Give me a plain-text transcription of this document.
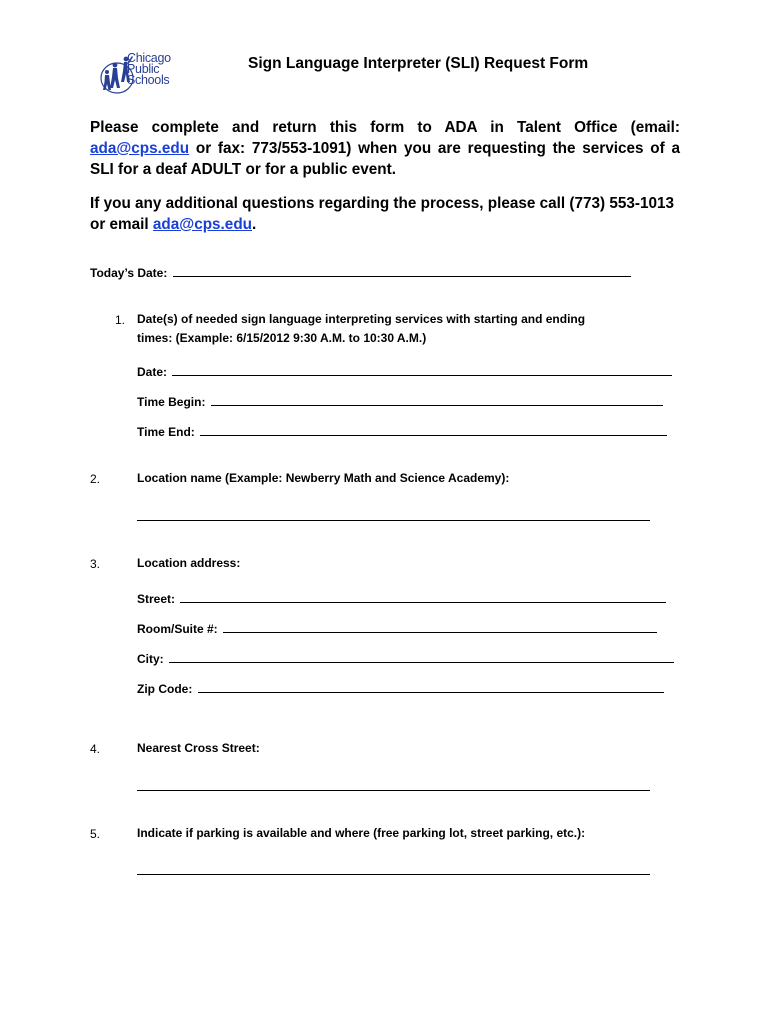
Chicago
Public
Schools
Sign Language Interpreter (SLI) Request Form

Please complete and return this form to ADA in Talent Office (email: ada@cps.edu or fax: 773/553-1091) when you are requesting the services of a SLI for a deaf ADULT or for a public event.

If you any additional questions regarding the process, please call (773) 553-1013 or email ada@cps.edu.

Today’s Date:
1. Date(s) of needed sign language interpreting services with starting and ending
times: (Example: 6/15/2012 9:30 A.M. to 10:30 A.M.)
Date:
Time Begin:
Time End:
2.	Location name (Example: Newberry Math and Science Academy):
3.	Location address:
Street:
Room/Suite #:
City:
Zip Code:
4.	Nearest Cross Street:
5.	Indicate if parking is available and where (free parking lot, street parking, etc.):
